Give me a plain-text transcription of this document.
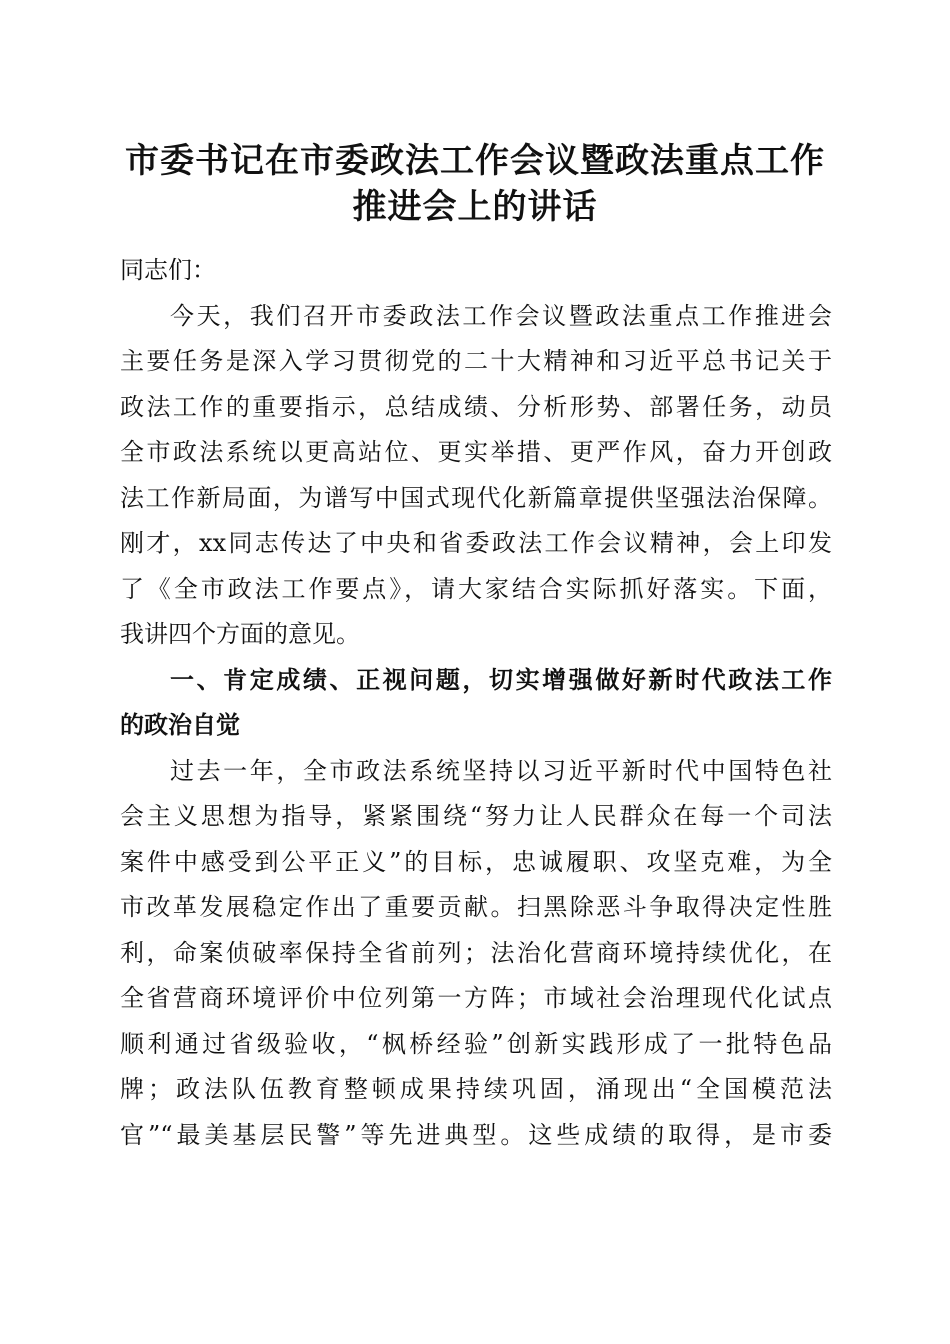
市委书记在市委政法工作会议暨政法重点工作
推进会上的讲话
同志们：
今天，我们召开市委政法工作会议暨政法重点工作推进会
主要任务是深入学习贯彻党的二十大精神和习近平总书记关于
政法工作的重要指示，总结成绩、分析形势、部署任务，动员
全市政法系统以更高站位、更实举措、更严作风，奋力开创政
法工作新局面，为谱写中国式现代化新篇章提供坚强法治保障。
刚才，xx同志传达了中央和省委政法工作会议精神，会上印发
了《全市政法工作要点》，请大家结合实际抓好落实。下面，
我讲四个方面的意见。
一、肯定成绩、正视问题，切实增强做好新时代政法工作
的政治自觉
过去一年，全市政法系统坚持以习近平新时代中国特色社
会主义思想为指导，紧紧围绕“努力让人民群众在每一个司法
案件中感受到公平正义”的目标，忠诚履职、攻坚克难，为全
市改革发展稳定作出了重要贡献。扫黑除恶斗争取得决定性胜
利，命案侦破率保持全省前列；法治化营商环境持续优化，在
全省营商环境评价中位列第一方阵；市域社会治理现代化试点
顺利通过省级验收，“枫桥经验”创新实践形成了一批特色品
牌；政法队伍教育整顿成果持续巩固，涌现出“全国模范法
官”“最美基层民警”等先进典型。这些成绩的取得，是市委
